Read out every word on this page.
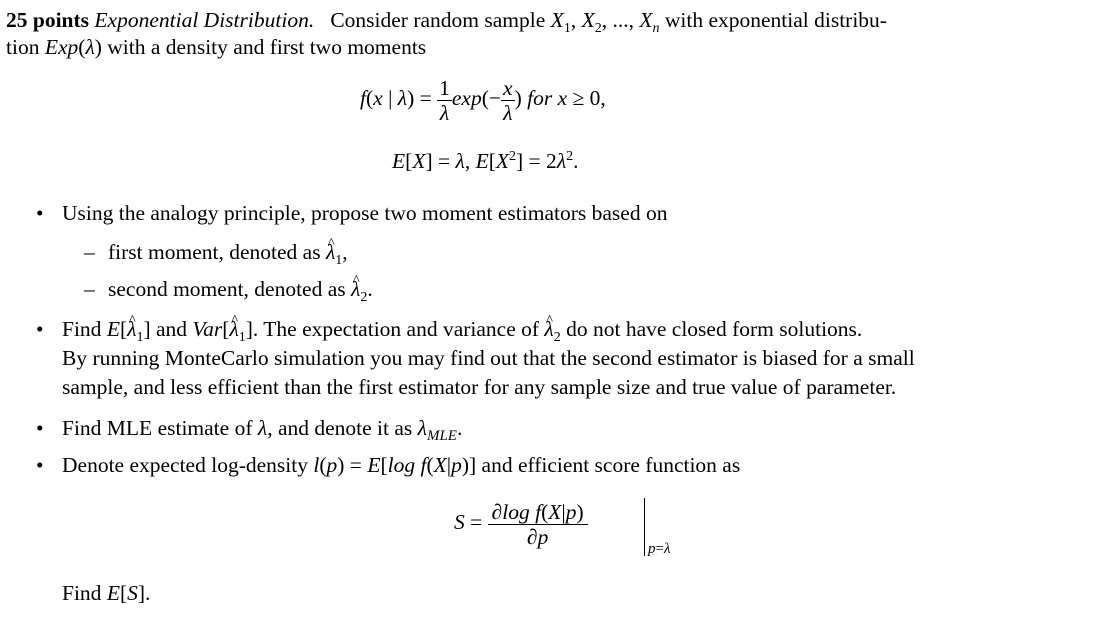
25 points Exponential Distribution.   Consider random sample $X_1$, $X_2$, ..., $X_n$ with exponential distribu-
tion Exp(λ) with a density and first two moments
f(x | $\lambda) = \frac{1}{\lambda} \exp(- \frac{x}{\lambda}$ ) for x ≥ 0,
E[X] = λ, $E[X^2] = 2\lambda^2$.
• Using the analogy principle, propose two moment estimators based on
– first moment, denoted as ^ $\lambda_1$,
– second moment, denoted as ^ $\lambda_2$.
• Find E[^ $\lambda_1$] and Var[^ $\lambda_1$]. The expectation and variance of ^ $\lambda_2$ do not have closed form solutions.
By running MonteCarlo simulation you may find out that the second estimator is biased for a small
sample, and less efficient than the first estimator for any sample size and true value of parameter.
• Find MLE estimate of λ, and denote it as $\lambda_{MLE}$.
• Denote expected log-density l(p) = E[log f(X|p)] and efficient score function as
$S = \frac{\text{∂log f(X|p)}}{\partial p}$
p=λ
Find E[S].
